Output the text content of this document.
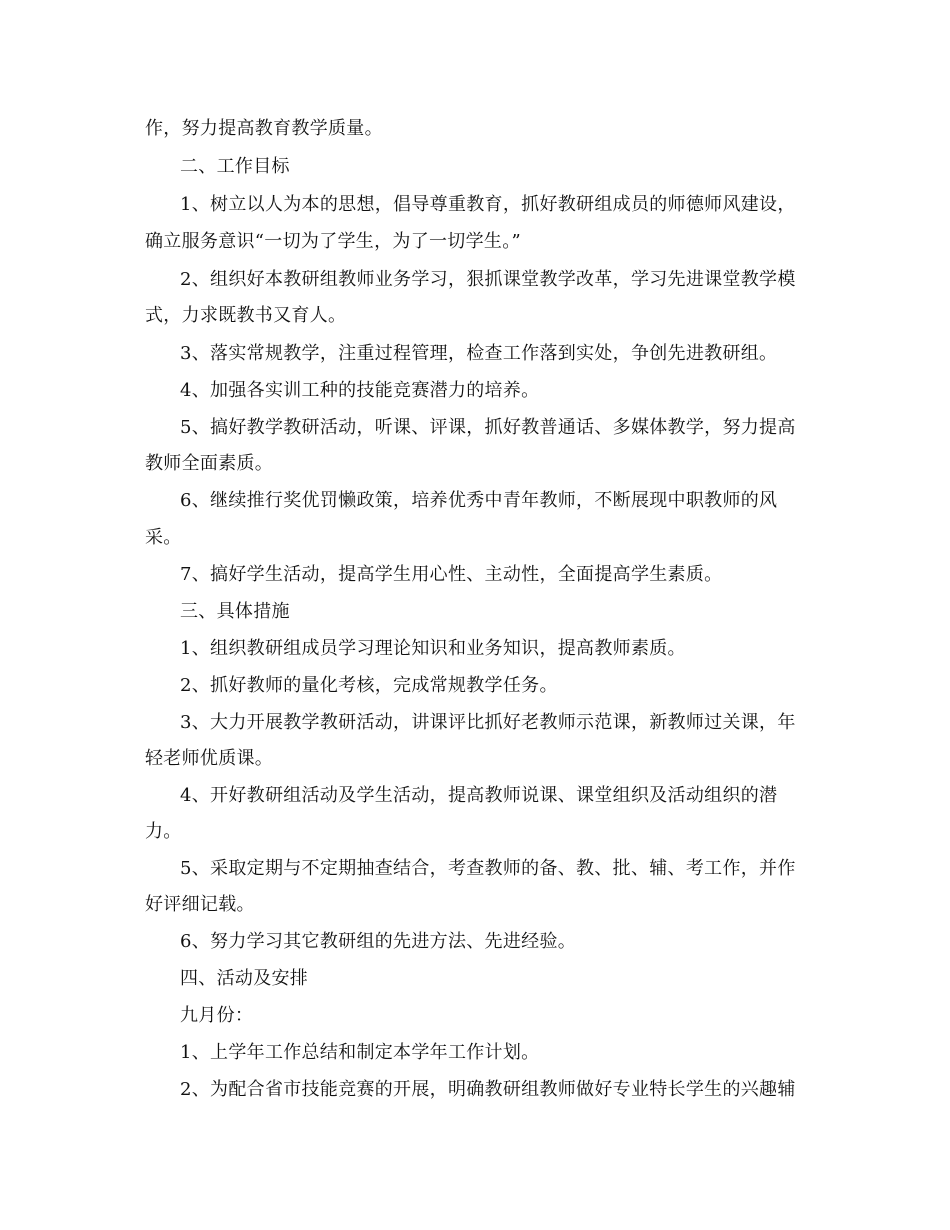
作，努力提高教育教学质量。
二、工作目标
1、树立以人为本的思想，倡导尊重教育，抓好教研组成员的师德师风建设，
确立服务意识“一切为了学生，为了一切学生。”
2、组织好本教研组教师业务学习，狠抓课堂教学改革，学习先进课堂教学模
式，力求既教书又育人。
3、落实常规教学，注重过程管理，检查工作落到实处，争创先进教研组。
4、加强各实训工种的技能竞赛潜力的培养。
5、搞好教学教研活动，听课、评课，抓好教普通话、多媒体教学，努力提高
教师全面素质。
6、继续推行奖优罚懒政策，培养优秀中青年教师，不断展现中职教师的风
采。
7、搞好学生活动，提高学生用心性、主动性，全面提高学生素质。
三、具体措施
1、组织教研组成员学习理论知识和业务知识，提高教师素质。
2、抓好教师的量化考核，完成常规教学任务。
3、大力开展教学教研活动，讲课评比抓好老教师示范课，新教师过关课，年
轻老师优质课。
4、开好教研组活动及学生活动，提高教师说课、课堂组织及活动组织的潜
力。
5、采取定期与不定期抽查结合，考查教师的备、教、批、辅、考工作，并作
好评细记载。
6、努力学习其它教研组的先进方法、先进经验。
四、活动及安排
九月份：
1、上学年工作总结和制定本学年工作计划。
2、为配合省市技能竞赛的开展，明确教研组教师做好专业特长学生的兴趣辅
